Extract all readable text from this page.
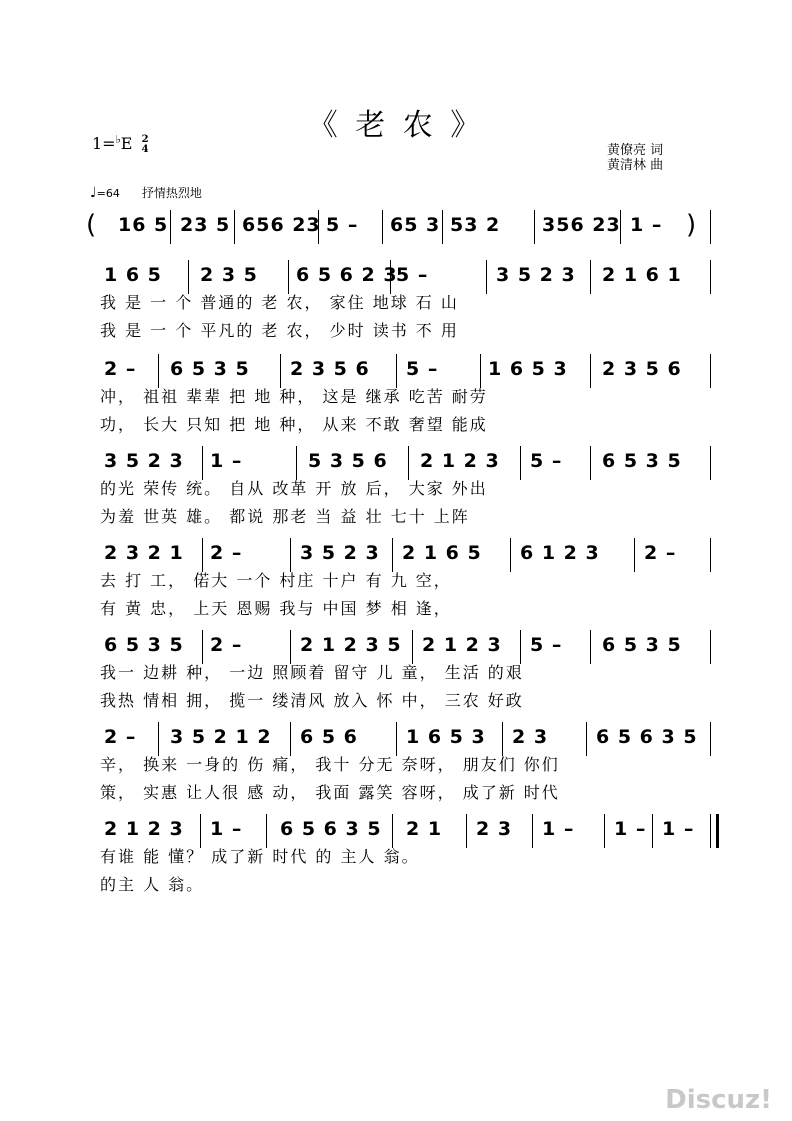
《 老 农 》
1=♭E 2
4	黄僚亮 词
黄清林 曲
♩=64 抒情热烈地
( 16 5 23 5 656 23 5 – 65 3 53 2 356 23 1 – )
1 6 5 2 3 5 6 5 6 2 3
5 –	3 5 2 3 2 1 6 1
我 是 一 个 普通的 老 农， 家住 地球 石 山
我 是 一 个 平凡的 老 农， 少时 读书 不 用
2 – 6 5 3 5 2 3 5 6 5 –	1 6 5 3 2 3 5 6
冲， 祖祖 辈辈 把 地 种， 这是 继承 吃苦 耐劳
功， 长大 只知 把 地 种， 从来 不敢 奢望 能成
3 5 2 3 1 –	5 3 5 6 2 1 2 3 5 – 6 5 3 5
的光 荣传 统。 自从 改革 开 放 后， 大家 外出
为羞 世英 雄。 都说 那老 当 益 壮 七十 上阵
2 3 2 1 2 –	3 5 2 3 2 1 6 5 6 1 2 3 2 –
去 打 工， 偌大 一个 村庄 十户 有 九 空，
有 黄 忠， 上天 恩赐 我与 中国 梦 相 逢，
6 5 3 5 2 –	2 1 2 3 5 2 1 2 3 5 – 6 5 3 5
我一 边耕 种， 一边 照顾着 留守 儿 童， 生活 的艰
我热 情相 拥， 揽一 缕清风 放入 怀 中， 三农 好政
2 – 3 5 2 1 2 6 5 6	1 6 5 3 2 3	6 5 6 3 5
辛， 换来 一身的 伤 痛， 我十 分无 奈呀， 朋友们 你们
策， 实惠 让人很 感 动， 我面 露笑 容呀， 成了新 时代
2 1 2 3 1 – 6 5 6 3 5 2 1 2 3 1 – 1 – 1 –
有谁 能 懂？ 成了新 时代 的 主人 翁。
的主 人 翁。
Discuz!
